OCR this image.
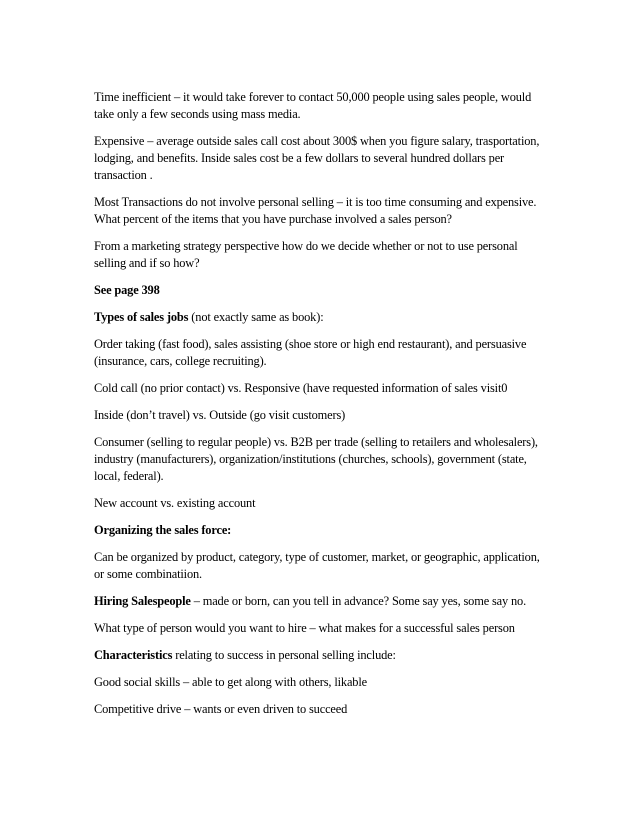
Time inefficient – it would take forever to contact 50,000 people using sales people, would take only a few seconds using mass media.

Expensive – average outside sales call cost about 300$ when you figure salary, trasportation, lodging, and benefits. Inside sales cost be a few dollars to several hundred dollars per transaction .

Most Transactions do not involve personal selling – it is too time consuming and expensive. What percent of the items that you have purchase involved a sales person?

From a marketing strategy perspective how do we decide whether or not to use personal selling and if so how?

See page 398

Types of sales jobs (not exactly same as book):

Order taking (fast food), sales assisting (shoe store or high end restaurant), and persuasive (insurance, cars, college recruiting).

Cold call (no prior contact) vs. Responsive (have requested information of sales visit0

Inside (don’t travel) vs. Outside (go visit customers)

Consumer (selling to regular people) vs. B2B per trade (selling to retailers and wholesalers), industry (manufacturers), organization/institutions (churches, schools), government (state, local, federal).

New account vs. existing account

Organizing the sales force:

Can be organized by product, category, type of customer, market, or geographic, application, or some combinatiion.

Hiring Salespeople – made or born, can you tell in advance? Some say yes, some say no.

What type of person would you want to hire – what makes for a successful sales person

Characteristics relating to success in personal selling include:

Good social skills – able to get along with others, likable

Competitive drive – wants or even driven to succeed
